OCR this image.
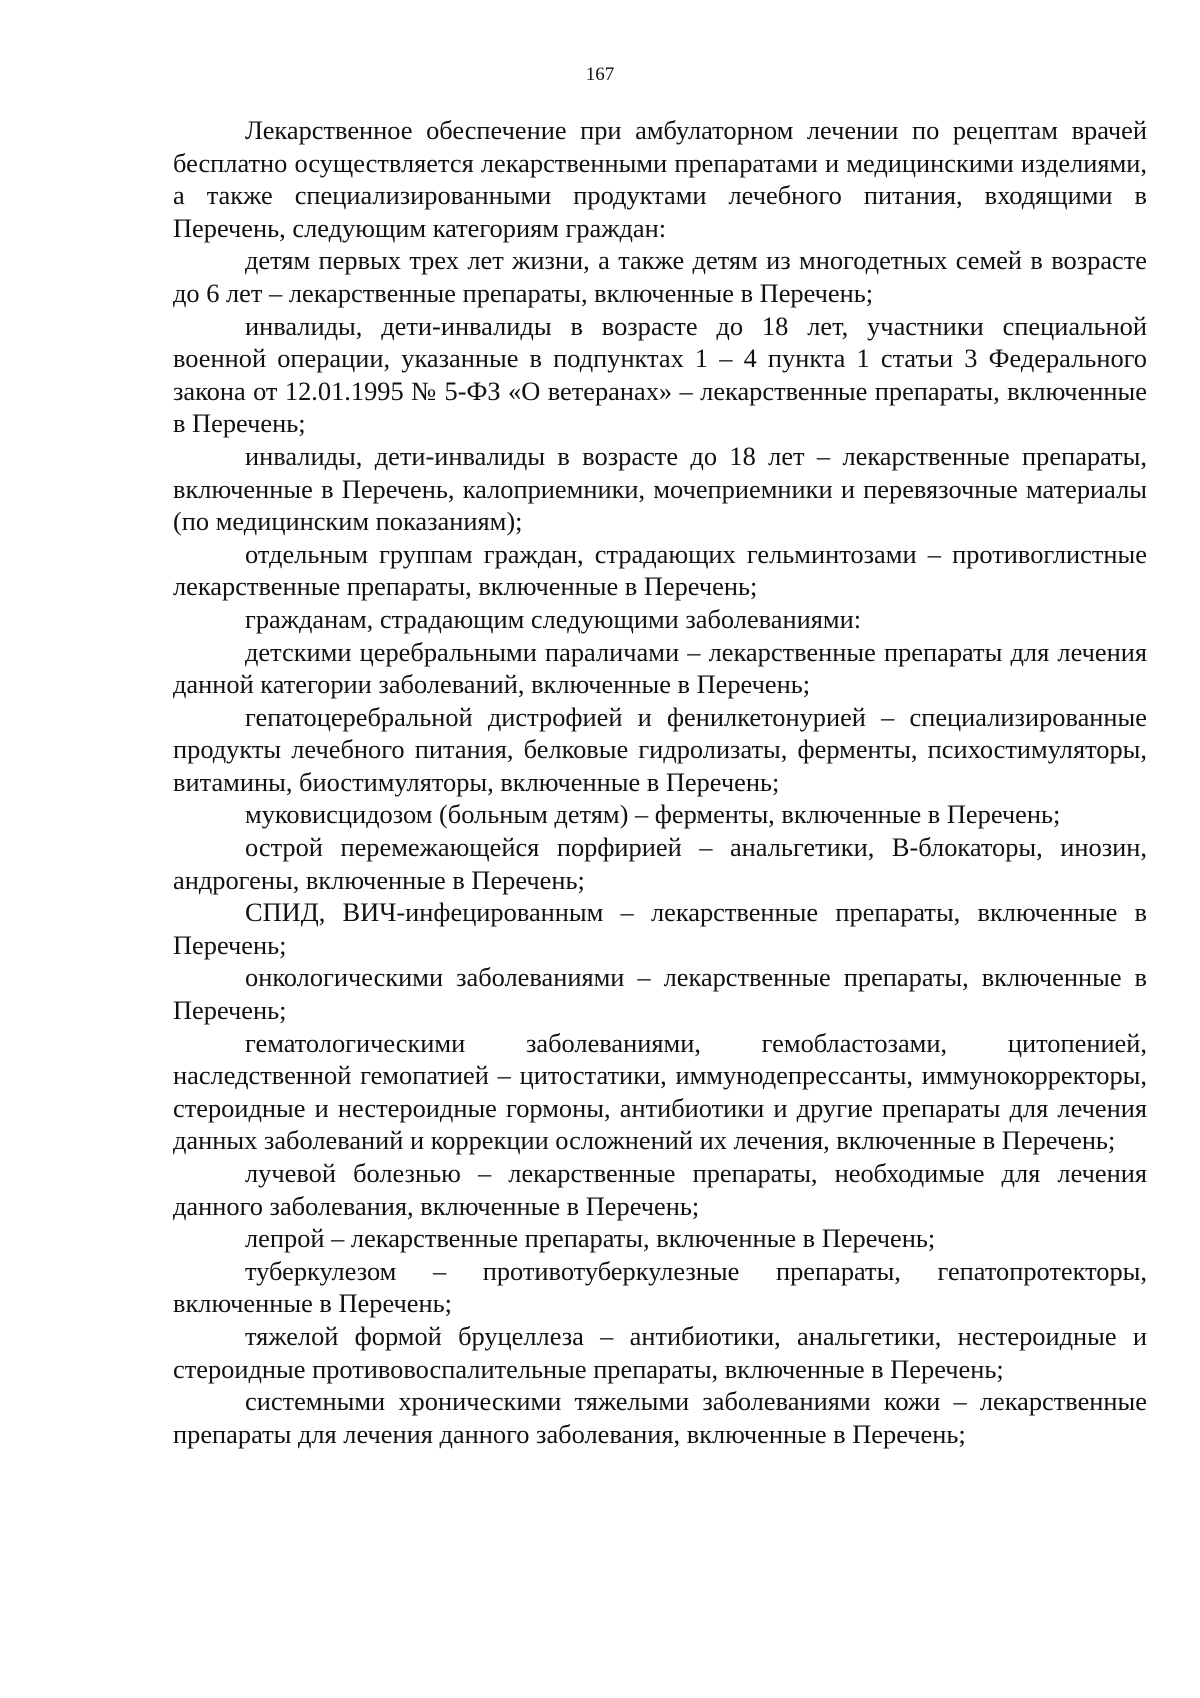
167

Лекарственное обеспечение при амбулаторном лечении по рецептам врачей бесплатно осуществляется лекарственными препаратами и медицинскими изделиями, а также специализированными продуктами лечебного питания, входящими в Перечень, следующим категориям граждан:

детям первых трех лет жизни, а также детям из многодетных семей в возрасте до 6 лет – лекарственные препараты, включенные в Перечень;

инвалиды, дети-инвалиды в возрасте до 18 лет, участники специальной военной операции, указанные в подпунктах 1 – 4 пункта 1 статьи 3 Федерального закона от 12.01.1995 № 5-ФЗ «О ветеранах» – лекарственные препараты, включенные в Перечень;

инвалиды, дети-инвалиды в возрасте до 18 лет – лекарственные препараты, включенные в Перечень, калоприемники, мочеприемники и перевязочные материалы (по медицинским показаниям);

отдельным группам граждан, страдающих гельминтозами – противоглистные лекарственные препараты, включенные в Перечень;

гражданам, страдающим следующими заболеваниями:

детскими церебральными параличами – лекарственные препараты для лечения данной категории заболеваний, включенные в Перечень;

гепатоцеребральной дистрофией и фенилкетонурией – специализированные продукты лечебного питания, белковые гидролизаты, ферменты, психостимуляторы, витамины, биостимуляторы, включенные в Перечень;

муковисцидозом (больным детям) – ферменты, включенные в Перечень;

острой перемежающейся порфирией – анальгетики, В-блокаторы, инозин, андрогены, включенные в Перечень;

СПИД, ВИЧ-инфецированным – лекарственные препараты, включенные в Перечень;

онкологическими заболеваниями – лекарственные препараты, включенные в Перечень;

гематологическими заболеваниями, гемобластозами, цитопенией, наследственной гемопатией – цитостатики, иммунодепрессанты, иммунокорректоры, стероидные и нестероидные гормоны, антибиотики и другие препараты для лечения данных заболеваний и коррекции осложнений их лечения, включенные в Перечень;

лучевой болезнью – лекарственные препараты, необходимые для лечения данного заболевания, включенные в Перечень;

лепрой – лекарственные препараты, включенные в Перечень;

туберкулезом – противотуберкулезные препараты, гепатопротекторы, включенные в Перечень;

тяжелой формой бруцеллеза – антибиотики, анальгетики, нестероидные и стероидные противовоспалительные препараты, включенные в Перечень;

системными хроническими тяжелыми заболеваниями кожи – лекарственные препараты для лечения данного заболевания, включенные в Перечень;
